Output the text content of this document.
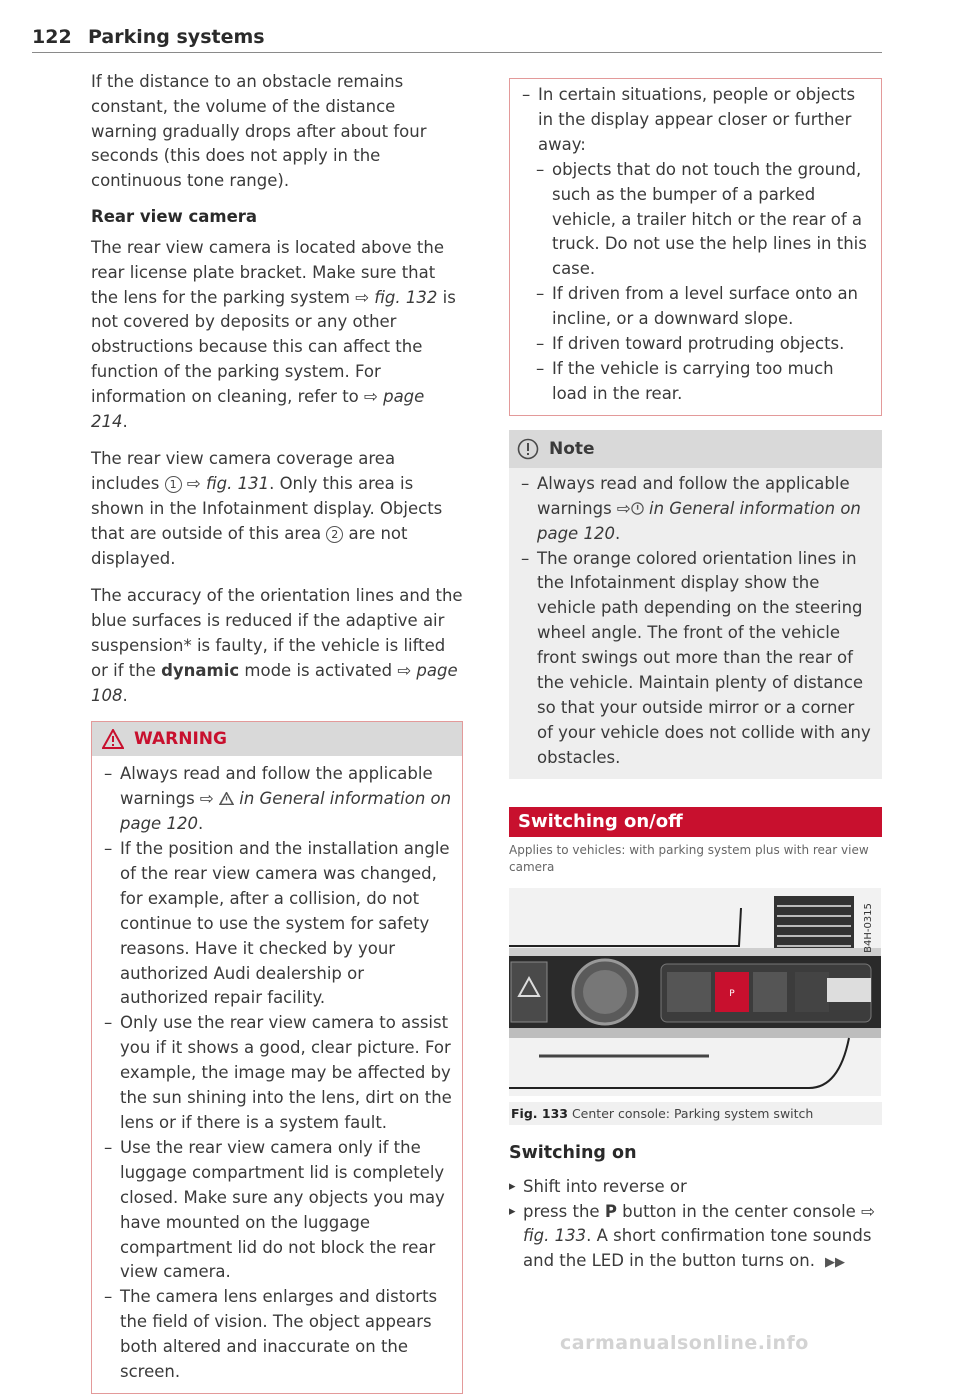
122 Parking systems

If the distance to an obstacle remains constant, the volume of the distance warning gradually drops after about four seconds (this does not apply in the continuous tone range).

Rear view camera

The rear view camera is located above the rear license plate bracket. Make sure that the lens for the parking system ⇨ fig. 132 is not covered by deposits or any other obstructions because this can affect the function of the parking system. For information on cleaning, refer to ⇨ page 214.

The rear view camera coverage area includes 1 ⇨ fig. 131. Only this area is shown in the Infotainment display. Objects that are outside of this area 2 are not displayed.

The accuracy of the orientation lines and the blue surfaces is reduced if the adaptive air suspension* is faulty, if the vehicle is lifted or if the dynamic mode is activated ⇨ page 108.

WARNING
– Always read and follow the applicable warnings ⇨  in General information on page 120.
– If the position and the installation angle of the rear view camera was changed, for example, after a collision, do not continue to use the system for safety reasons. Have it checked by your authorized Audi dealership or authorized repair facility.
– Only use the rear view camera to assist you if it shows a good, clear picture. For example, the image may be affected by the sun shining into the lens, dirt on the lens or if there is a system fault.
– Use the rear view camera only if the luggage compartment lid is completely closed. Make sure any objects you may have mounted on the luggage compartment lid do not block the rear view camera.
– The camera lens enlarges and distorts the field of vision. The object appears both altered and inaccurate on the screen.
– In certain situations, people or objects in the display appear closer or further away:
– objects that do not touch the ground, such as the bumper of a parked vehicle, a trailer hitch or the rear of a truck. Do not use the help lines in this case.
– If driven from a level surface onto an incline, or a downward slope.
– If driven toward protruding objects.
– If the vehicle is carrying too much load in the rear.
Note
– Always read and follow the applicable warnings ⇨ in General information on page 120.
– The orange colored orientation lines in the Infotainment display show the vehicle path depending on the steering wheel angle. The front of the vehicle front swings out more than the rear of the vehicle. Maintain plenty of distance so that your outside mirror or a corner of your vehicle does not collide with any obstacles.
Switching on/off
Applies to vehicles: with parking system plus with rear view camera
P
B4H-0315
Fig. 133 Center console: Parking system switch
Switching on
▸ Shift into reverse or
▸ press the P button in the center console ⇨ fig. 133. A short confirmation tone sounds and the LED in the button turns on. ▶▶
carmanualsonline.info
